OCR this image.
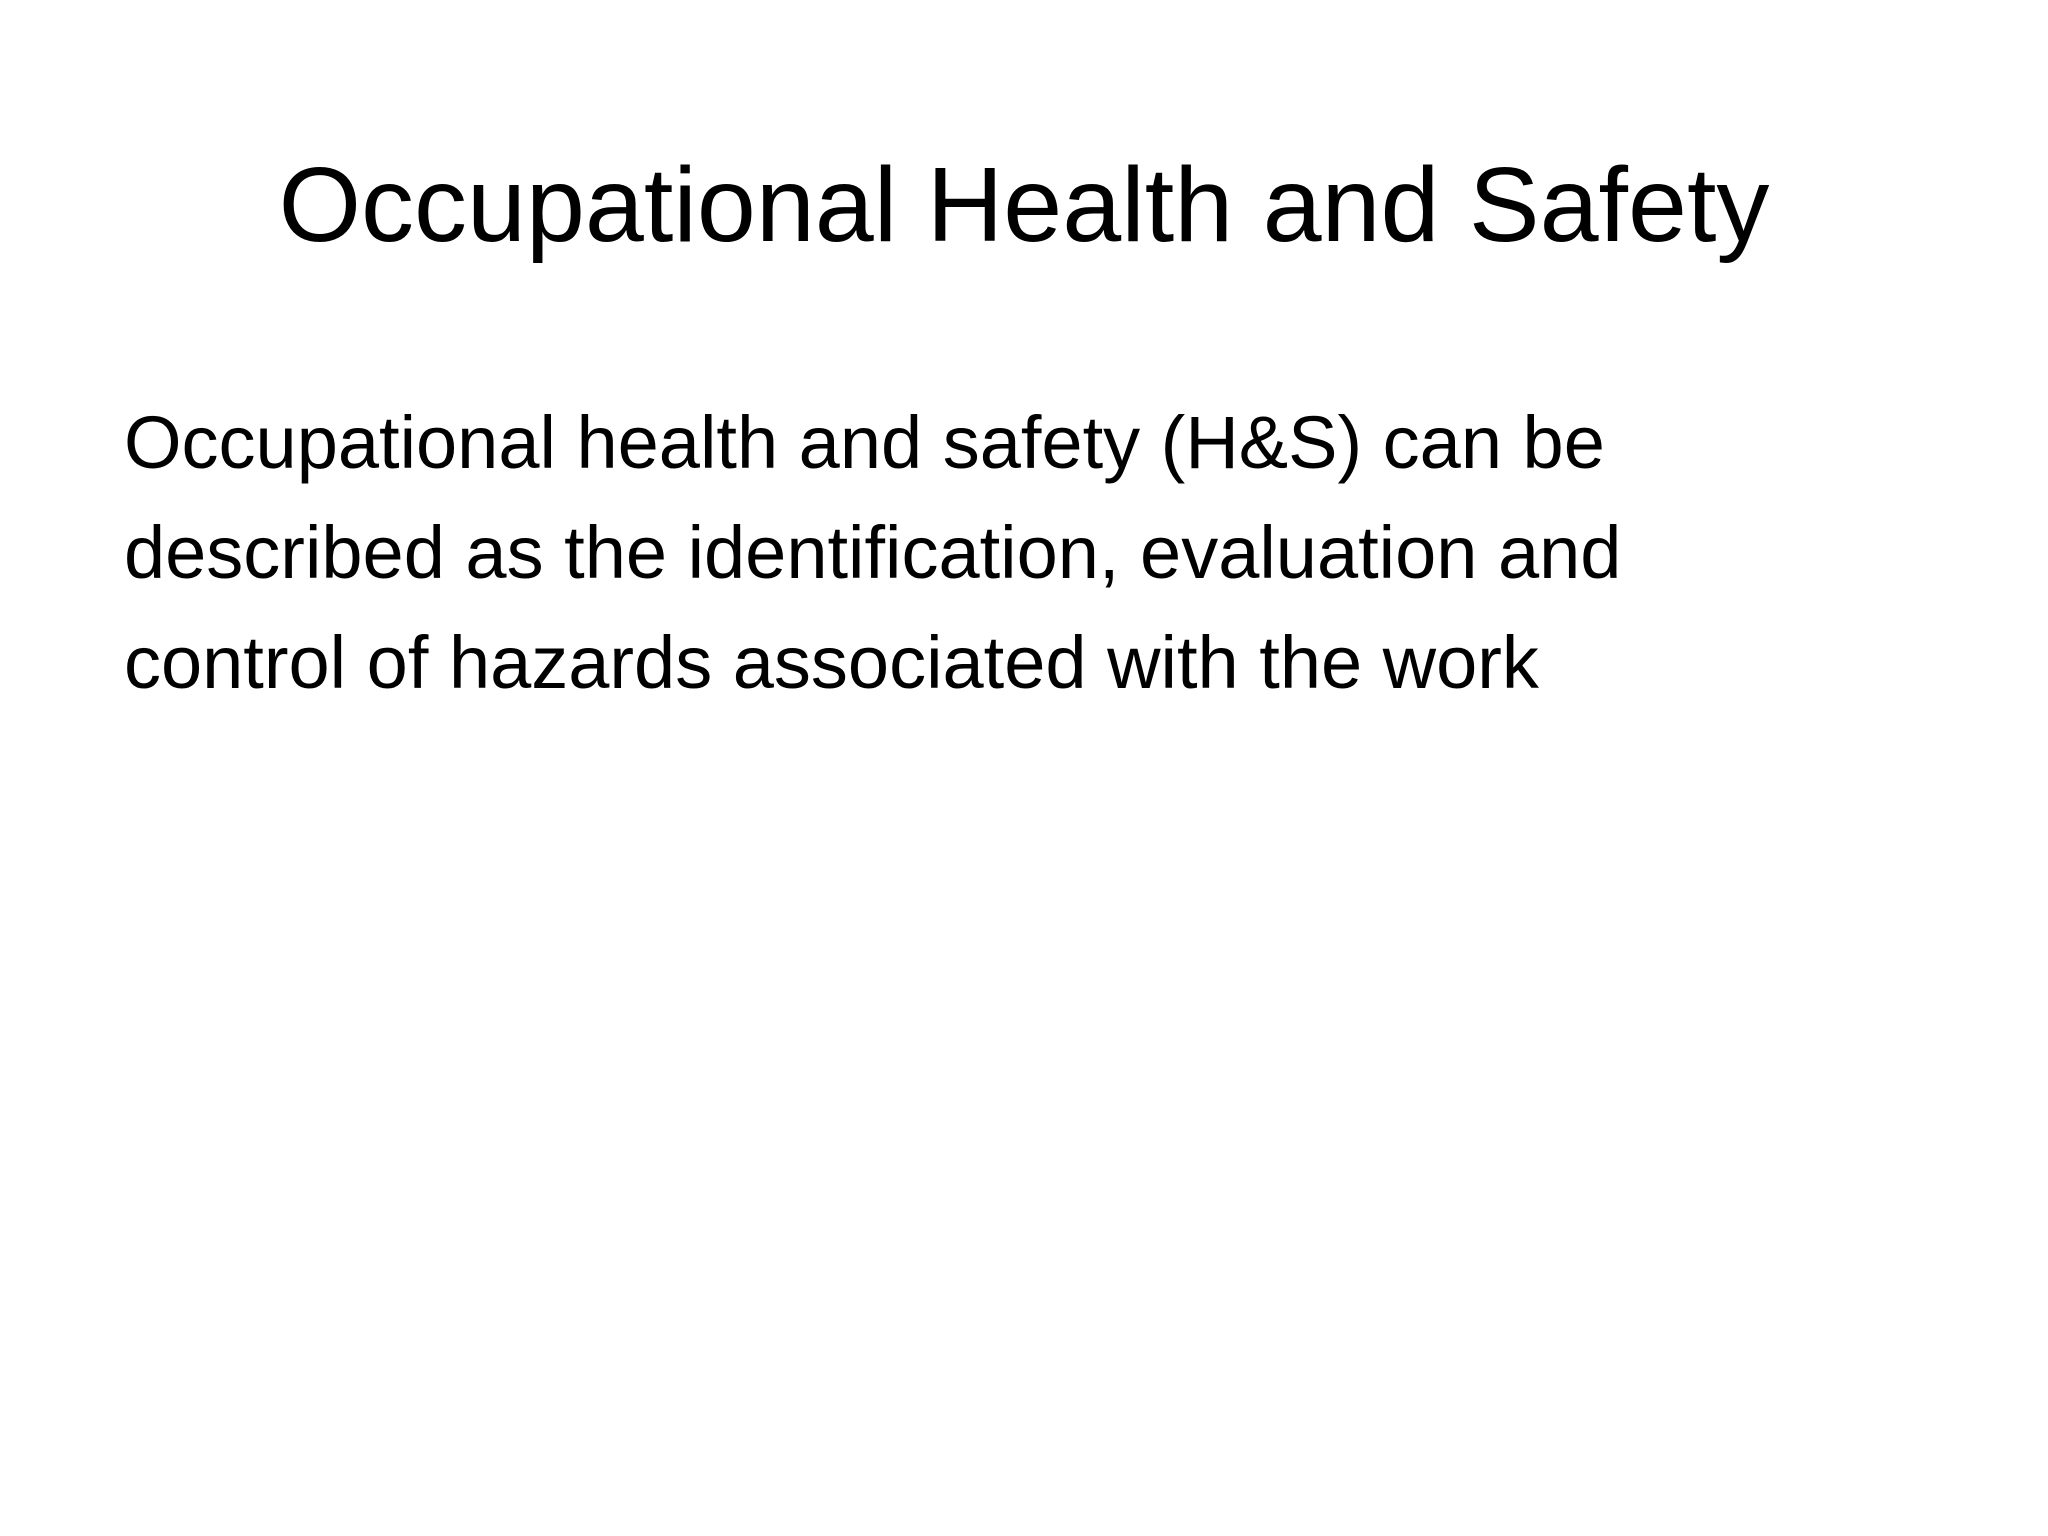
Occupational Health and Safety

Occupational health and safety (H&S) can be
described as the identification, evaluation and
control of hazards associated with the work
